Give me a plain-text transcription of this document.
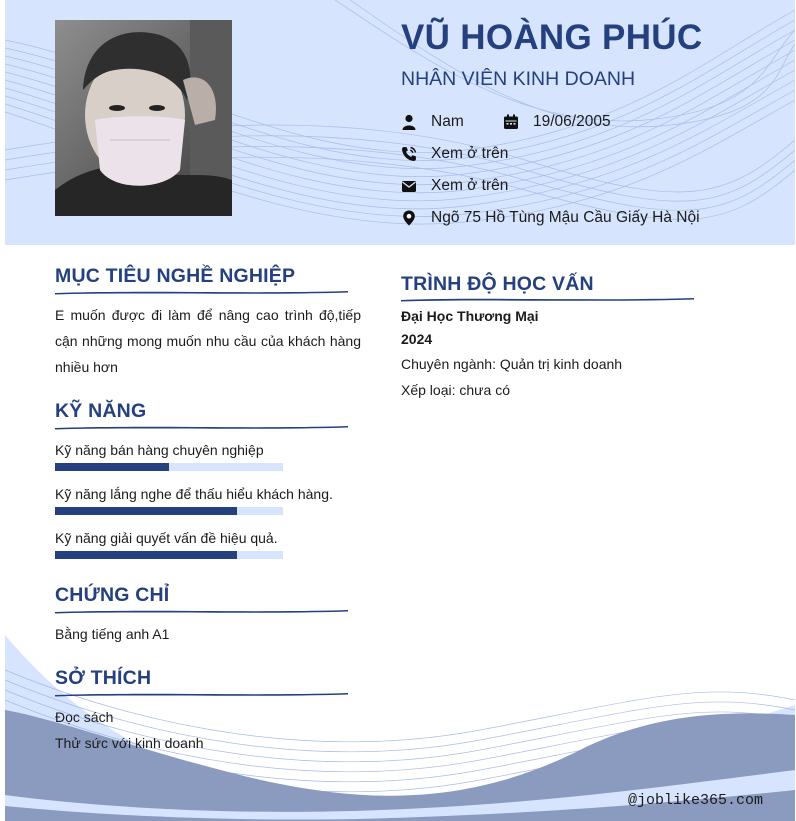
VŨ HOÀNG PHÚC
NHÂN VIÊN KINH DOANH
Nam	19/06/2005
Xem ở trên
Xem ở trên
Ngõ 75 Hồ Tùng Mậu Cầu Giấy Hà Nội
MỤC TIÊU NGHỀ NGHIỆP
E muốn được đi làm để nâng cao trình độ,tiếp cận những mong muốn nhu cầu của khách hàng nhiều hơn
KỸ NĂNG
Kỹ năng bán hàng chuyên nghiệp
Kỹ năng lắng nghe để thấu hiểu khách hàng.
Kỹ năng giải quyết vấn đề hiệu quả.
CHỨNG CHỈ
Bằng tiếng anh A1
SỞ THÍCH
Đọc sách
Thử sức với kinh doanh
TRÌNH ĐỘ HỌC VẤN
Đại Học Thương Mại
2024
Chuyên ngành: Quản trị kinh doanh
Xếp loại: chưa có
@joblike365.com
